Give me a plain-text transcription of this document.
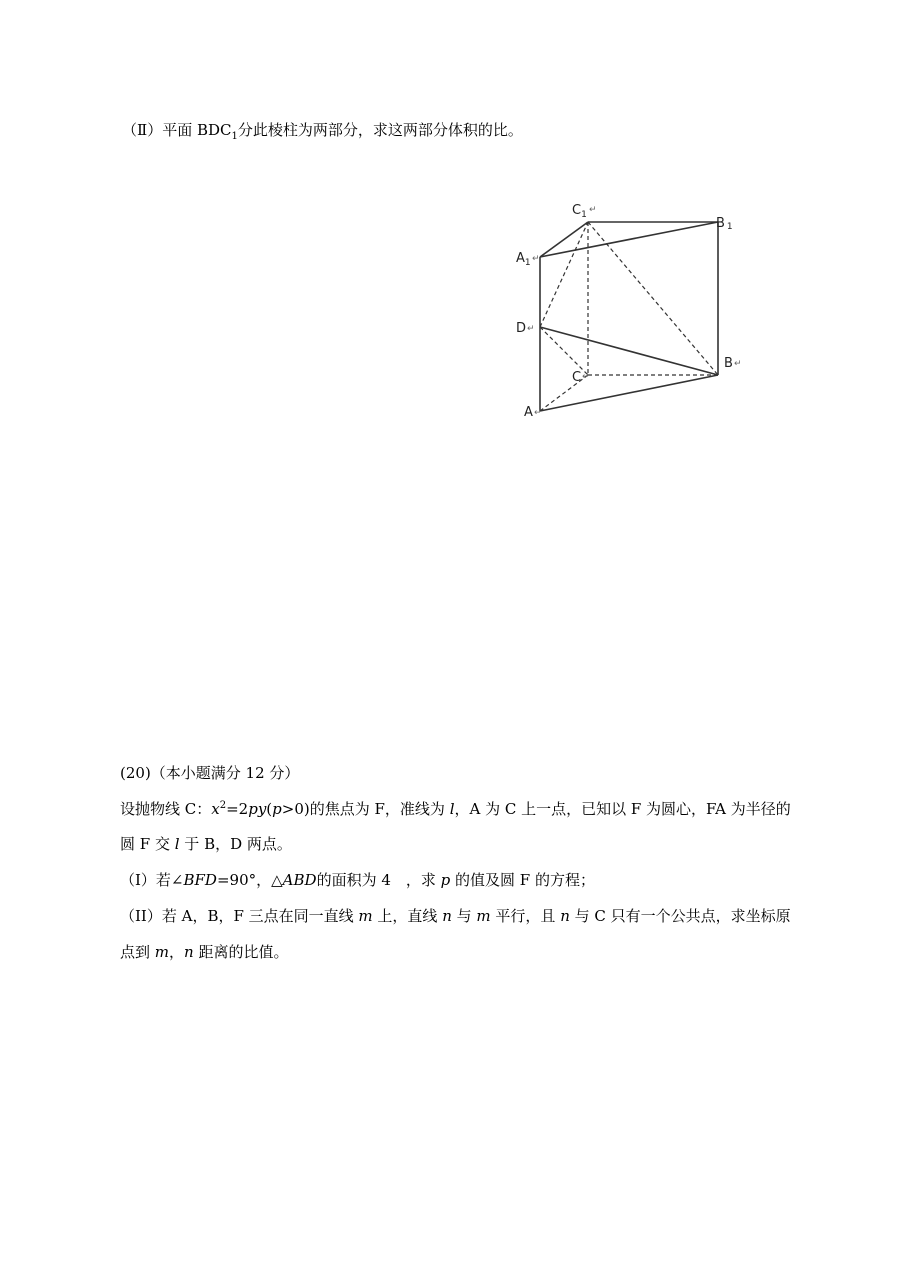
（Ⅱ）平面 $BDC_1$分此棱柱为两部分，求这两部分体积的比。
$C_1$ ↵
B 1
$A_1$ ↵
D ↵
C ↵
B ↵
A ↵
(20)（本小题满分 12 分）
设抛物线 C：$x^2=2py(p>0)$的焦点为 F，准线为 l，A 为 C 上一点，已知以 F 为圆心，FA 为半径的
圆 F 交 l 于 B，D 两点。
（I）若∠BFD=90°，△ABD的面积为 4　，求 p 的值及圆 F 的方程；
（II）若 A，B，F 三点在同一直线 m 上，直线 n 与 m 平行，且 n 与 C 只有一个公共点，求坐标原
点到 m，n 距离的比值。
